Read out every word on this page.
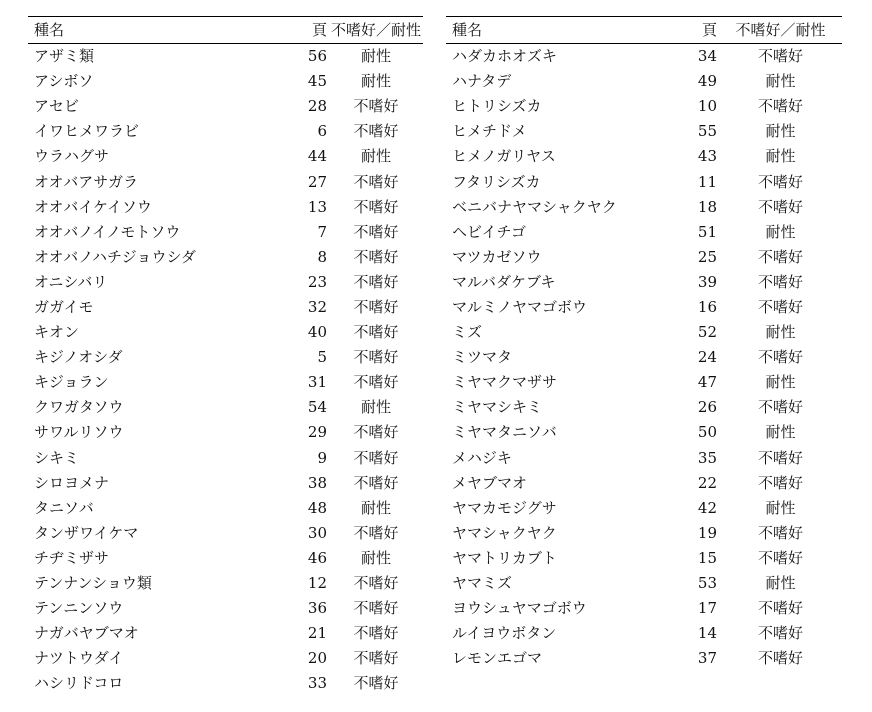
種名	頁	不嗜好／耐性
アザミ類	56	耐性
アシボソ	45	耐性
アセビ	28	不嗜好
イワヒメワラビ	6	不嗜好
ウラハグサ	44	耐性
オオバアサガラ	27	不嗜好
オオバイケイソウ	13	不嗜好
オオバノイノモトソウ	7	不嗜好
オオバノハチジョウシダ	8	不嗜好
オニシバリ	23	不嗜好
ガガイモ	32	不嗜好
キオン	40	不嗜好
キジノオシダ	5	不嗜好
キジョラン	31	不嗜好
クワガタソウ	54	耐性
サワルリソウ	29	不嗜好
シキミ	9	不嗜好
シロヨメナ	38	不嗜好
タニソバ	48	耐性
タンザワイケマ	30	不嗜好
チヂミザサ	46	耐性
テンナンショウ類	12	不嗜好
テンニンソウ	36	不嗜好
ナガバヤブマオ	21	不嗜好
ナツトウダイ	20	不嗜好
ハシリドコロ	33	不嗜好
種名	頁	不嗜好／耐性
ハダカホオズキ	34	不嗜好
ハナタデ	49	耐性
ヒトリシズカ	10	不嗜好
ヒメチドメ	55	耐性
ヒメノガリヤス	43	耐性
フタリシズカ	11	不嗜好
ベニバナヤマシャクヤク	18	不嗜好
ヘビイチゴ	51	耐性
マツカゼソウ	25	不嗜好
マルバダケブキ	39	不嗜好
マルミノヤマゴボウ	16	不嗜好
ミズ	52	耐性
ミツマタ	24	不嗜好
ミヤマクマザサ	47	耐性
ミヤマシキミ	26	不嗜好
ミヤマタニソバ	50	耐性
メハジキ	35	不嗜好
メヤブマオ	22	不嗜好
ヤマカモジグサ	42	耐性
ヤマシャクヤク	19	不嗜好
ヤマトリカブト	15	不嗜好
ヤマミズ	53	耐性
ヨウシュヤマゴボウ	17	不嗜好
ルイヨウボタン	14	不嗜好
レモンエゴマ	37	不嗜好
